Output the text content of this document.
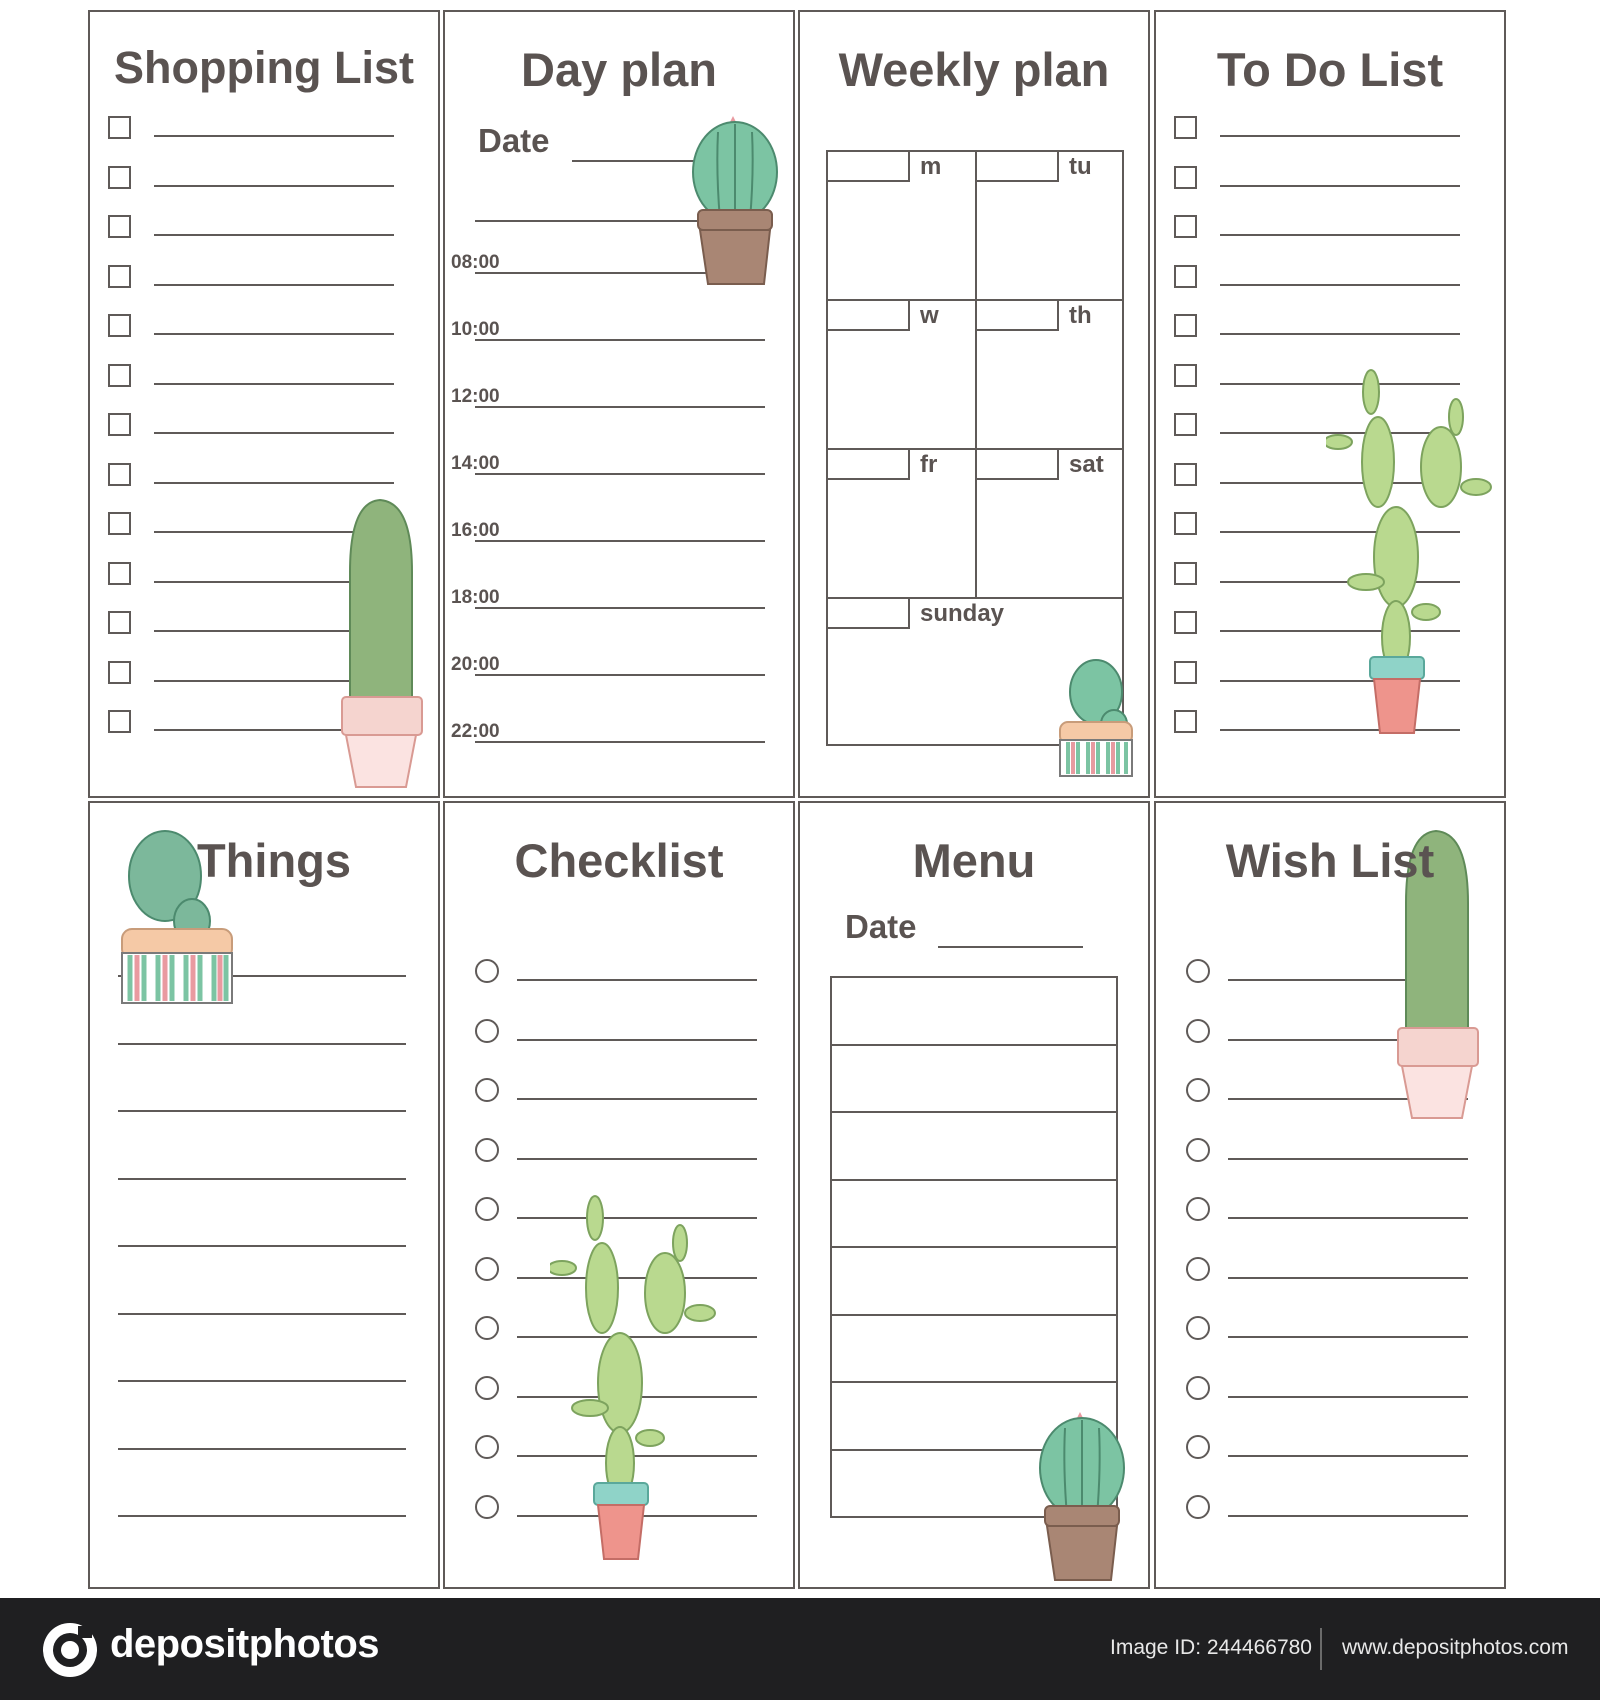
Shopping List	Day plan
Date
08:00
10:00
12:00
14:00
16:00
18:00
20:00
22:00
Weekly plan
m	tu
w	th
fr	sat
sunday
To Do List
Things	Checklist	Menu
Date
Wish List
depositphotos	Image ID: 244466780 www.depositphotos.com
